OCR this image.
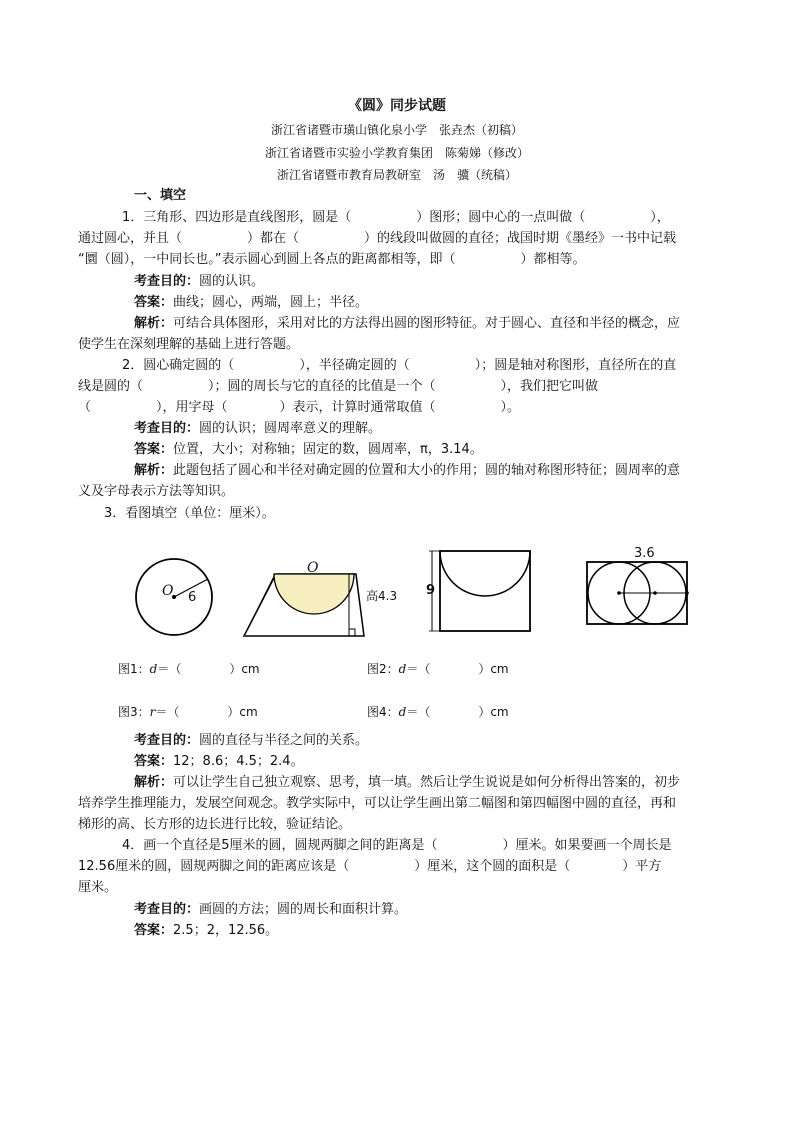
《圆》同步试题
浙江省诸暨市璜山镇化泉小学　张垚杰（初稿）
浙江省诸暨市实验小学教育集团　陈菊娣（修改）
浙江省诸暨市教育局教研室　汤　骥（统稿）
一、填空
1．三角形、四边形是直线图形，圆是（　　　　　）图形；圆中心的一点叫做（　　　　　），
通过圆心，并且（　　　　　）都在（　　　　　）的线段叫做圆的直径；战国时期《墨经》一书中记载
“圜（圆），一中同长也。”表示圆心到圆上各点的距离都相等，即（　　　　　）都相等。
考查目的：圆的认识。
答案：曲线；圆心，两端，圆上；半径。
解析：可结合具体图形，采用对比的方法得出圆的图形特征。对于圆心、直径和半径的概念，应
使学生在深刻理解的基础上进行答题。
2．圆心确定圆的（　　　　　），半径确定圆的（　　　　　）；圆是轴对称图形，直径所在的直
线是圆的（　　　　　）；圆的周长与它的直径的比值是一个（　　　　　），我们把它叫做
（　　　　　），用字母（　　　　）表示，计算时通常取值（　　　　　）。
考查目的：圆的认识；圆周率意义的理解。
答案：位置，大小；对称轴；固定的数，圆周率，π，3.14。
解析：此题包括了圆心和半径对确定圆的位置和大小的作用；圆的轴对称图形特征；圆周率的意
义及字母表示方法等知识。
3．看图填空（单位：厘米）。
O 6
O
高4.3 9
3.6
图1：d＝（　　　　）cm	图2：d＝（　　　　）cm
图3：r＝（　　　　）cm	图4：d＝（　　　　）cm
考查目的：圆的直径与半径之间的关系。
答案：12；8.6；4.5；2.4。
解析：可以让学生自己独立观察、思考，填一填。然后让学生说说是如何分析得出答案的，初步
培养学生推理能力，发展空间观念。教学实际中，可以让学生画出第二幅图和第四幅图中圆的直径，再和
梯形的高、长方形的边长进行比较，验证结论。
4．画一个直径是5厘米的圆，圆规两脚之间的距离是（　　　　　）厘米。如果要画一个周长是
12.56厘米的圆，圆规两脚之间的距离应该是（　　　　　）厘米，这个圆的面积是（　　　　）平方
厘米。
考查目的：画圆的方法；圆的周长和面积计算。
答案：2.5；2，12.56。
